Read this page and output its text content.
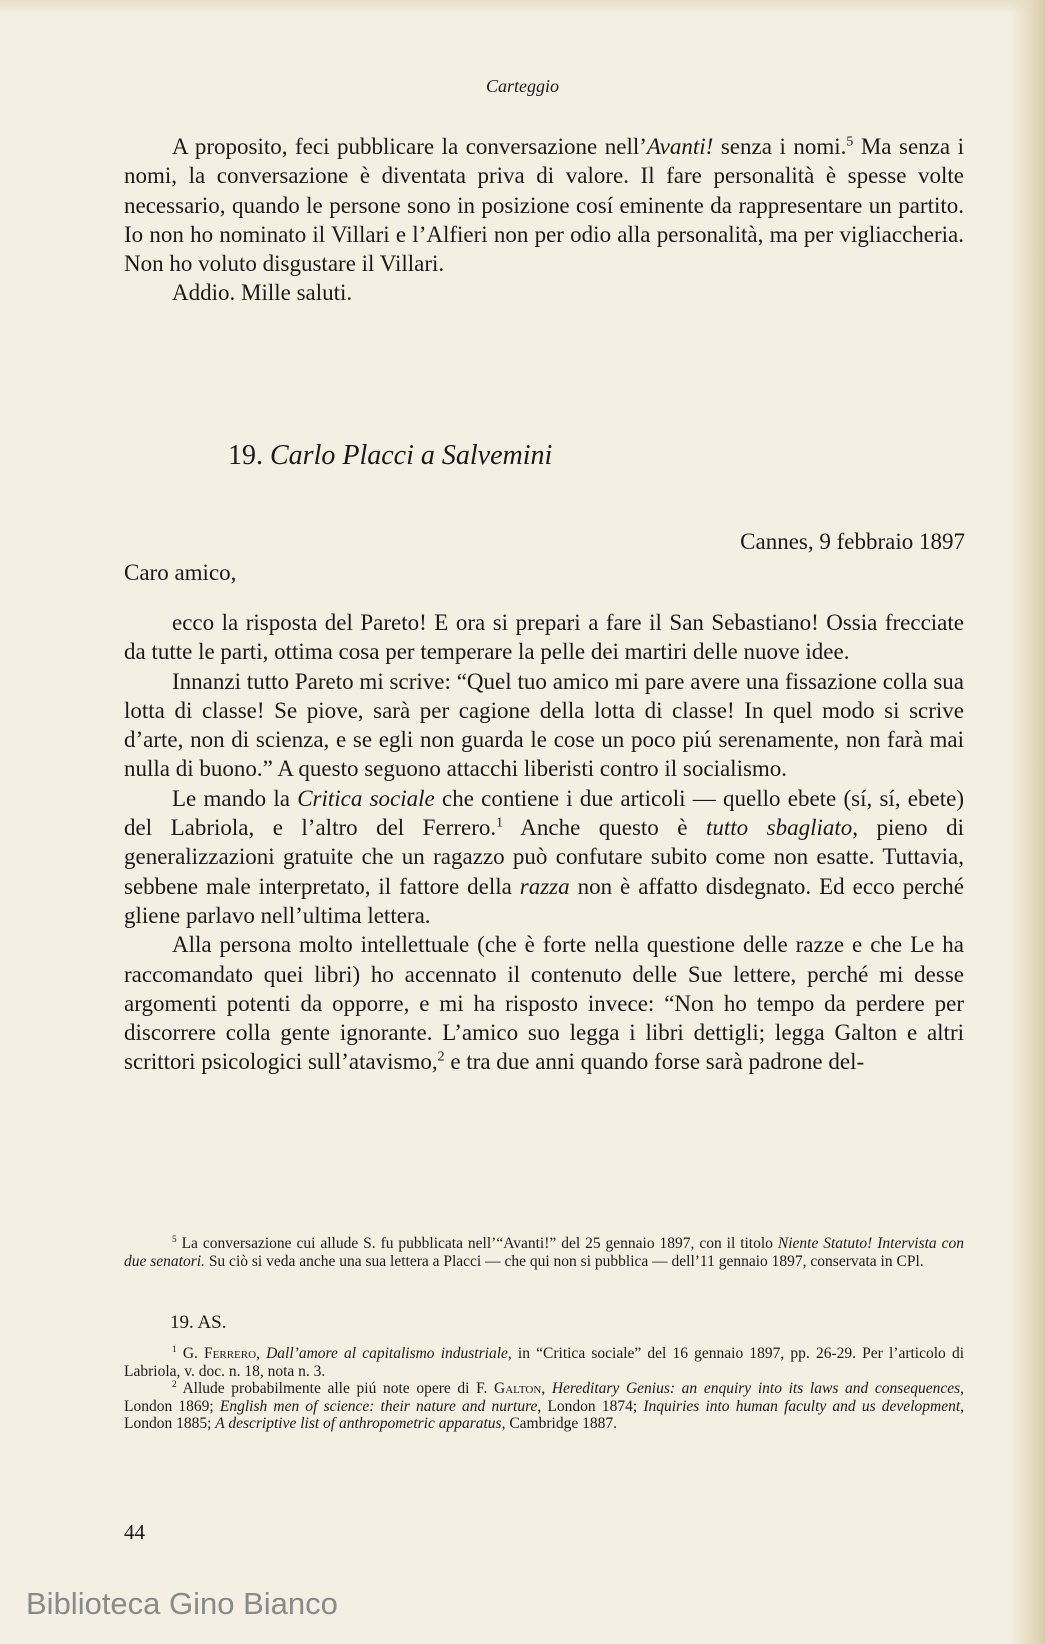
Carteggio

A proposito, feci pubblicare la conversazione nell’Avanti! senza i nomi.$^5$ Ma senza i nomi, la conversazione è diventata priva di valore. Il fare personalità è spesse volte necessario, quando le persone sono in posizione cosí eminente da rappresentare un partito. Io non ho nominato il Villari e l’Alfieri non per odio alla personalità, ma per vigliaccheria. Non ho voluto disgustare il Villari.

Addio. Mille saluti.

19. Carlo Placci a Salvemini
Cannes, 9 febbraio 1897
Caro amico,

ecco la risposta del Pareto! E ora si prepari a fare il San Sebastiano! Ossia frecciate da tutte le parti, ottima cosa per temperare la pelle dei martiri delle nuove idee.

Innanzi tutto Pareto mi scrive: “Quel tuo amico mi pare avere una fissazione colla sua lotta di classe! Se piove, sarà per cagione della lotta di classe! In quel modo si scrive d’arte, non di scienza, e se egli non guarda le cose un poco piú serenamente, non farà mai nulla di buono.” A questo seguono attacchi liberisti contro il socialismo.

Le mando la Critica sociale che contiene i due articoli — quello ebete (sí, sí, ebete) del Labriola, e l’altro del Ferrero.$^1$ Anche questo è tutto sbagliato, pieno di generalizzazioni gratuite che un ragazzo può confutare subito come non esatte. Tuttavia, sebbene male interpretato, il fattore della razza non è affatto disdegnato. Ed ecco perché gliene parlavo nell’ultima lettera.

Alla persona molto intellettuale (che è forte nella questione delle razze e che Le ha raccomandato quei libri) ho accennato il contenuto delle Sue lettere, perché mi desse argomenti potenti da opporre, e mi ha risposto invece: “Non ho tempo da perdere per discorrere colla gente ignorante. L’amico suo legga i libri dettigli; legga Galton e altri scrittori psicologici sull’atavismo,$^2$ e tra due anni quando forse sarà padrone del-

$^5$ La conversazione cui allude S. fu pubblicata nell’“Avanti!” del 25 gennaio 1897, con il titolo Niente Statuto! Intervista con due senatori. Su ciò si veda anche una sua lettera a Placci — che qui non si pubblica — dell’11 gennaio 1897, conservata in CPl.

19. AS.

$^1$ G. Ferrero, Dall’amore al capitalismo industriale, in “Critica sociale” del 16 gennaio 1897, pp. 26-29. Per l’articolo di Labriola, v. doc. n. 18, nota n. 3.

$^2$ Allude probabilmente alle piú note opere di F. Galton, Hereditary Genius: an enquiry into its laws and consequences, London 1869; English men of science: their nature and nurture, London 1874; Inquiries into human faculty and us development, London 1885; A descriptive list of anthropometric apparatus, Cambridge 1887.

44
Biblioteca Gino Bianco
